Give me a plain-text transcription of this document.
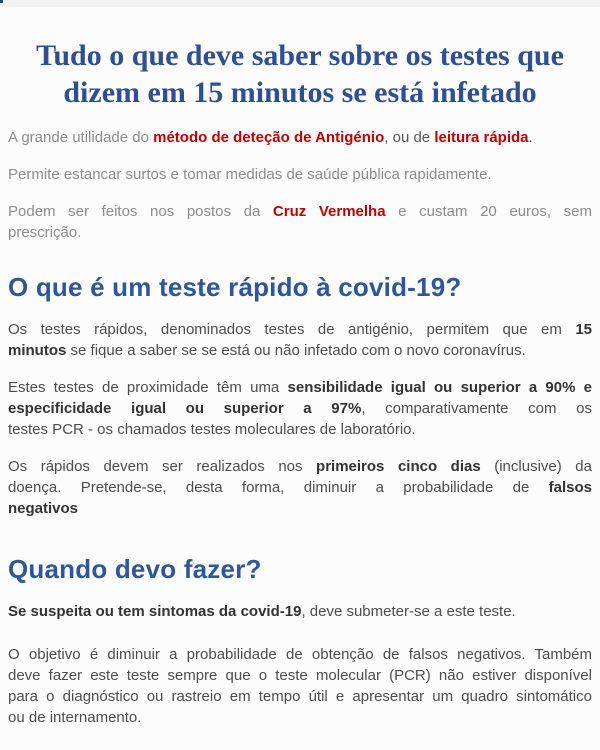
Tudo o que deve saber sobre os testes que
dizem em 15 minutos se está infetado

A grande utilidade do método de deteção de Antigénio, ou de leitura rápida.

Permite estancar surtos e tomar medidas de saúde pública rapidamente.

Podem ser feitos nos postos da Cruz Vermelha e custam 20 euros, sem
prescrição.
O que é um teste rápido à covid-19?
Os testes rápidos, denominados testes de antigénio, permitem que em 15
minutos se fique a saber se se está ou não infetado com o novo coronavírus.
Estes testes de proximidade têm uma sensibilidade igual ou superior a 90% e
especificidade igual ou superior a 97%, comparativamente com os
testes PCR - os chamados testes moleculares de laboratório.
Os rápidos devem ser realizados nos primeiros cinco dias (inclusive) da
doença. Pretende-se, desta forma, diminuir a probabilidade de falsos
negativos
Quando devo fazer?

Se suspeita ou tem sintomas da covid-19, deve submeter-se a este teste.

O objetivo é diminuir a probabilidade de obtenção de falsos negativos. Também
deve fazer este teste sempre que o teste molecular (PCR) não estiver disponível
para o diagnóstico ou rastreio em tempo útil e apresentar um quadro sintomático
ou de internamento.
